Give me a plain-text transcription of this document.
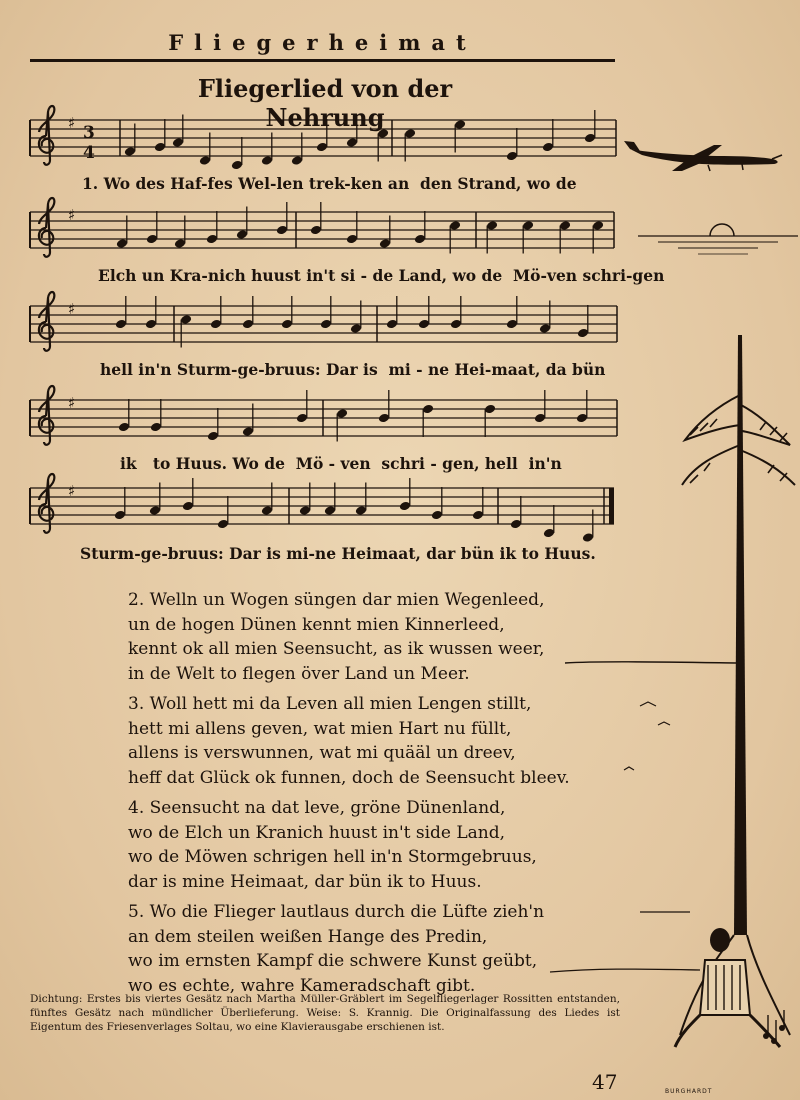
Fliegerheimat
Fliegerlied von der Nehrung
♯
♯
♯
♯
♯
3
4
1. Wo des Haf-fes Wel-len trek-ken an  den Strand, wo de
Elch un Kra-nich huust in't si - de Land, wo de  Mö-ven schri-gen
hell in'n Sturm-ge-bruus: Dar is  mi - ne Hei-maat, da bün
ik   to Huus. Wo de  Mö - ven  schri - gen, hell  in'n
Sturm-ge-bruus: Dar is mi-ne Heimaat, dar bün ik to Huus.
2. Welln un Wogen süngen dar mien Wegenleed,
un de hogen Dünen kennt mien Kinnerleed,
kennt ok all mien Seensucht, as ik wussen weer,
in de Welt to flegen över Land un Meer.
3. Woll hett mi da Leven all mien Lengen stillt,
hett mi allens geven, wat mien Hart nu füllt,
allens is verswunnen, wat mi quääl un dreev,
heff dat Glück ok funnen, doch de Seensucht bleev.
4. Seensucht na dat leve, gröne Dünenland,
wo de Elch un Kranich huust in't side Land,
wo de Möwen schrigen hell in'n Stormgebruus,
dar is mine Heimaat, dar bün ik to Huus.
5. Wo die Flieger lautlaus durch die Lüfte zieh'n
an dem steilen weißen Hange des Predin,
wo im ernsten Kampf die schwere Kunst geübt,
wo es echte, wahre Kameradschaft gibt.
Dichtung: Erstes bis viertes Gesätz nach Martha Müller-Gräblert im Segelfliegerlager Rossitten entstanden, fünftes Gesätz nach mündlicher Überlieferung. Weise: S. Krannig. Die Originalfassung des Liedes ist Eigentum des Friesenverlages Soltau, wo eine Klavierausgabe erschienen ist.
47	BURGHARDT
